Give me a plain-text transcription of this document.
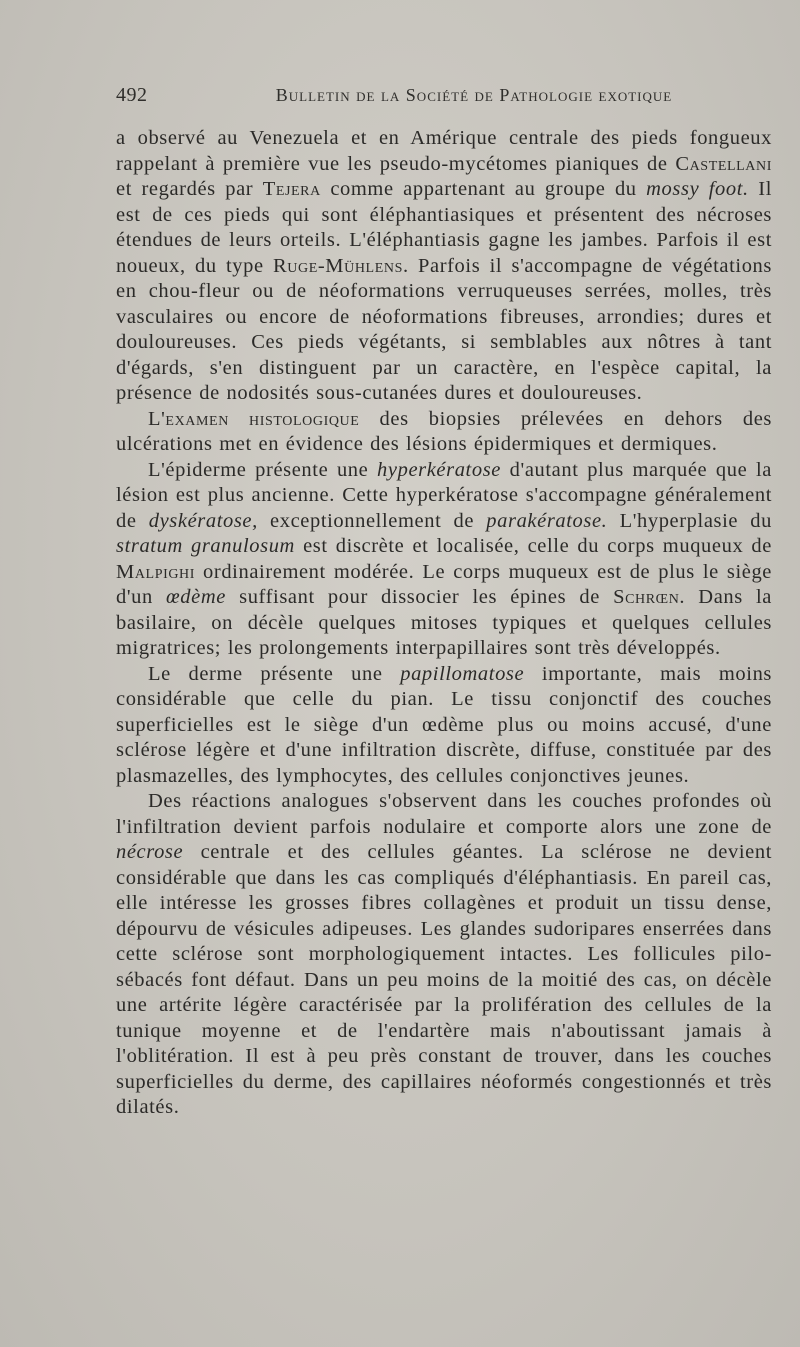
492	Bulletin de la Société de Pathologie exotique

a observé au Venezuela et en Amérique centrale des pieds fongueux rappelant à première vue les pseudo-mycétomes pianiques de Castellani et regardés par Tejera comme appartenant au groupe du mossy foot. Il est de ces pieds qui sont éléphantiasiques et présentent des nécroses étendues de leurs orteils. L'éléphantiasis gagne les jambes. Parfois il est noueux, du type Ruge-Mühlens. Parfois il s'accompagne de végétations en chou-fleur ou de néoformations verruqueuses serrées, molles, très vasculaires ou encore de néoformations fibreuses, arrondies; dures et douloureuses. Ces pieds végétants, si semblables aux nôtres à tant d'égards, s'en distinguent par un caractère, en l'espèce capital, la présence de nodosités sous-cutanées dures et douloureuses.

L'examen histologique des biopsies prélevées en dehors des ulcérations met en évidence des lésions épidermiques et dermiques.

L'épiderme présente une hyperkératose d'autant plus marquée que la lésion est plus ancienne. Cette hyperkératose s'accompagne généralement de dyskératose, exceptionnellement de parakératose. L'hyperplasie du stratum granulosum est discrète et localisée, celle du corps muqueux de Malpighi ordinairement modérée. Le corps muqueux est de plus le siège d'un œdème suffisant pour dissocier les épines de Schrœn. Dans la basilaire, on décèle quelques mitoses typiques et quelques cellules migratrices; les prolongements interpapillaires sont très développés.

Le derme présente une papillomatose importante, mais moins considérable que celle du pian. Le tissu conjonctif des couches superficielles est le siège d'un œdème plus ou moins accusé, d'une sclérose légère et d'une infiltration discrète, diffuse, constituée par des plasmazelles, des lymphocytes, des cellules conjonctives jeunes.

Des réactions analogues s'observent dans les couches profondes où l'infiltration devient parfois nodulaire et comporte alors une zone de nécrose centrale et des cellules géantes. La sclérose ne devient considérable que dans les cas compliqués d'éléphantiasis. En pareil cas, elle intéresse les grosses fibres collagènes et produit un tissu dense, dépourvu de vésicules adipeuses. Les glandes sudoripares enserrées dans cette sclérose sont morphologiquement intactes. Les follicules pilo-sébacés font défaut. Dans un peu moins de la moitié des cas, on décèle une artérite légère caractérisée par la prolifération des cellules de la tunique moyenne et de l'endartère mais n'aboutissant jamais à l'oblitération. Il est à peu près constant de trouver, dans les couches superficielles du derme, des capillaires néoformés congestionnés et très dilatés.
